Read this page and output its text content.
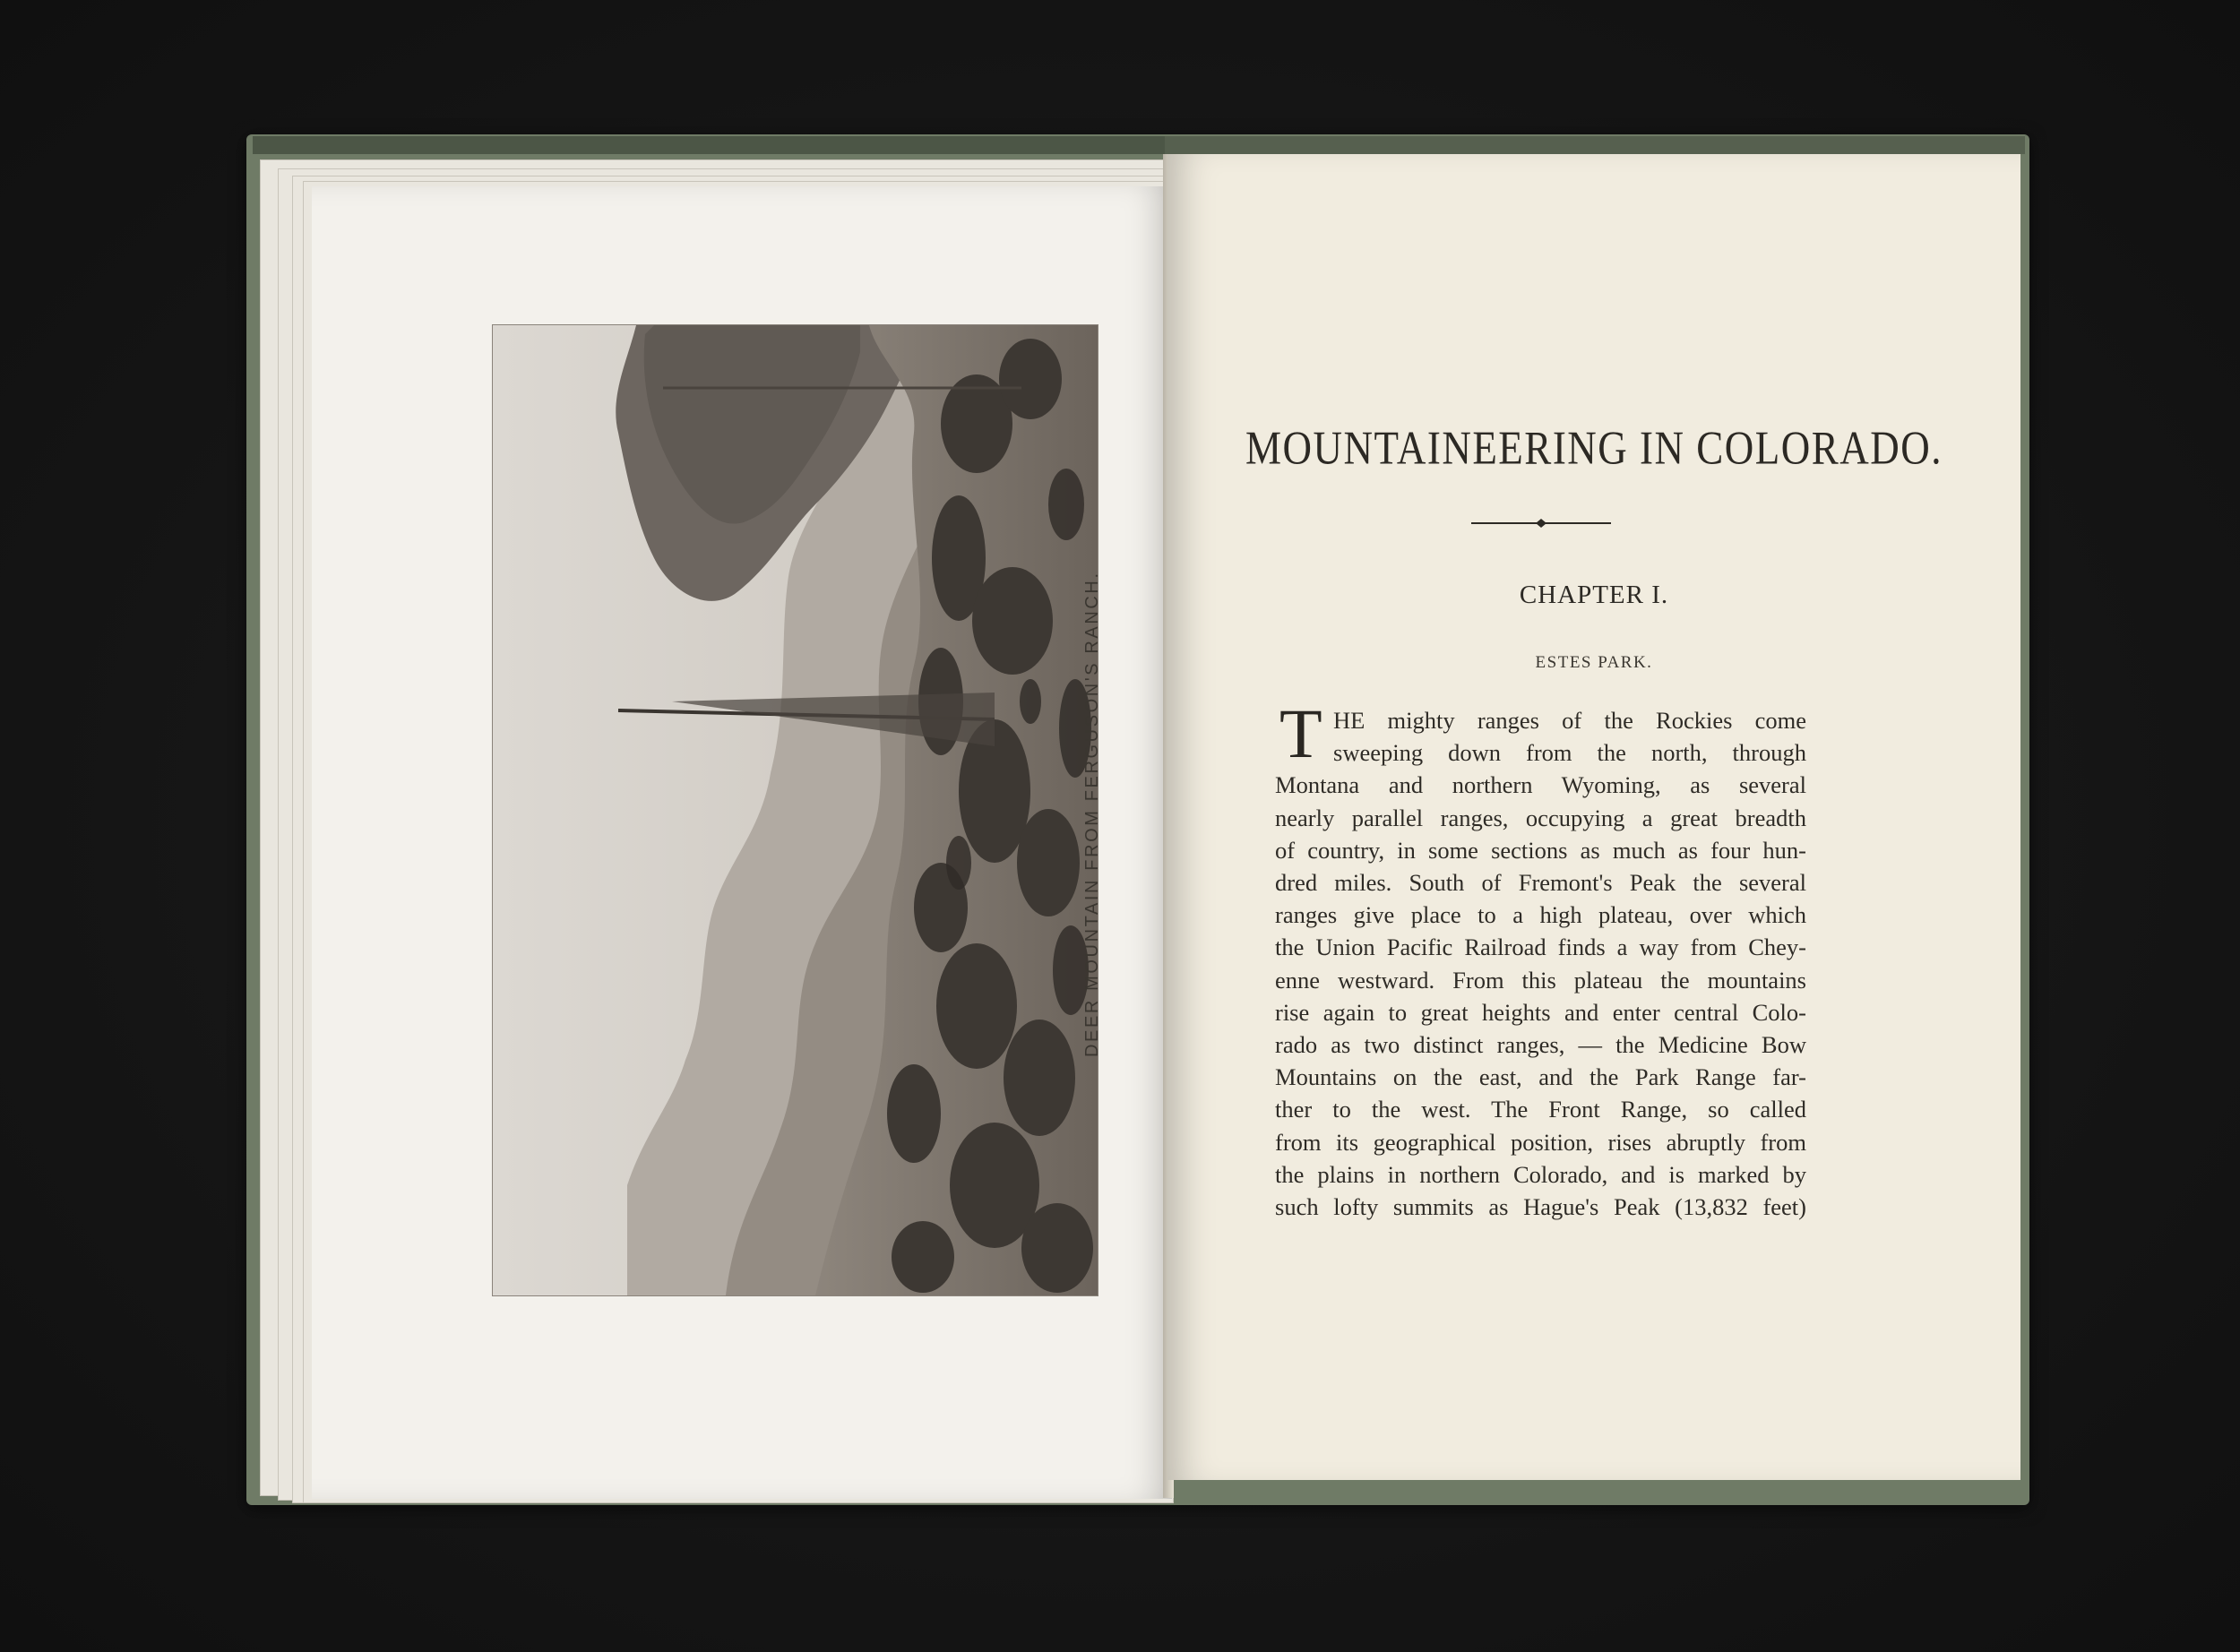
DEER MOUNTAIN FROM FERGUSON'S RANCH.
MOUNTAINEERING IN COLORADO.
CHAPTER I.
ESTES PARK.
T HE mighty ranges of the Rockies come
sweeping down from the north, through
Montana and northern Wyoming, as several
nearly parallel ranges, occupying a great breadth
of country, in some sections as much as four hun-
dred miles. South of Fremont's Peak the several
ranges give place to a high plateau, over which
the Union Pacific Railroad finds a way from Chey-
enne westward. From this plateau the mountains
rise again to great heights and enter central Colo-
rado as two distinct ranges, — the Medicine Bow
Mountains on the east, and the Park Range far-
ther to the west. The Front Range, so called
from its geographical position, rises abruptly from
the plains in northern Colorado, and is marked by
such lofty summits as Hague's Peak (13,832 feet)
